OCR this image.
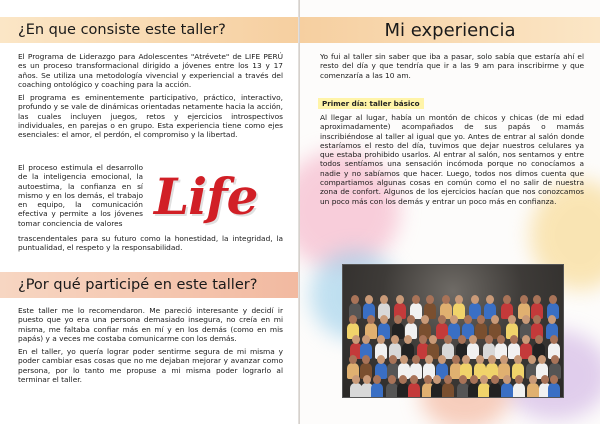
¿En que consiste este taller?

El Programa de Liderazgo para Adolescentes "Atrévete" de LIFE PERÚ es un proceso transformacional dirigido a jóvenes entre los 13 y 17 años. Se utiliza una metodología vivencial y experiencial a través del coaching ontológico y coaching para la acción.

El programa es eminentemente participativo, práctico, interactivo, profundo y se vale de dinámicas orientadas netamente hacia la acción, las cuales incluyen juegos, retos y ejercicios introspectivos individuales, en parejas o en grupo. Esta experiencia tiene como ejes esenciales: el amor, el perdón, el compromiso y la libertad.

El proceso estimula el desarrollo de la inteligencia emocional, la autoestima, la confianza en sí mismo y en los demás, el trabajo en equipo, la comunicación efectiva y permite a los jóvenes tomar conciencia de valores Life

trascendentales para su futuro como la honestidad, la integridad, la puntualidad, el respeto y la responsabilidad.

¿Por qué participé en este taller?

Este taller me lo recomendaron. Me pareció interesante y decidí ir puesto que yo era una persona demasiado insegura, no creía en mi misma, me faltaba confiar más en mí y en los demás (como en mis papás) y a veces me costaba comunicarme con los demás.

En el taller, yo quería lograr poder sentirme segura de mi misma y poder cambiar esas cosas que no me dejaban mejorar y avanzar como persona, por lo tanto me propuse a mi misma poder lograrlo al terminar el taller.

Mi experiencia

Yo fui al taller sin saber que iba a pasar, solo sabía que estaría ahí el resto del día y que tendría que ir a las 9 am para inscribirme y que comenzaría a las 10 am.

Primer día: taller básico

Al llegar al lugar, había un montón de chicos y chicas (de mi edad aproximadamente) acompañados de sus papás o mamás inscribiéndose al taller al igual que yo. Antes de entrar al salón donde estaríamos el resto del día, tuvimos que dejar nuestros celulares ya que estaba prohibido usarlos. Al entrar al salón, nos sentamos y entre todos sentíamos una sensación incómoda porque no conocíamos a nadie y no sabíamos que hacer. Luego, todos nos dimos cuenta que compartiamos algunas cosas en común como el no salir de nuestra zona de confort. Algunos de los ejercicios hacían que nos conozcamos un poco más con los demás y entrar un poco más en confianza.
